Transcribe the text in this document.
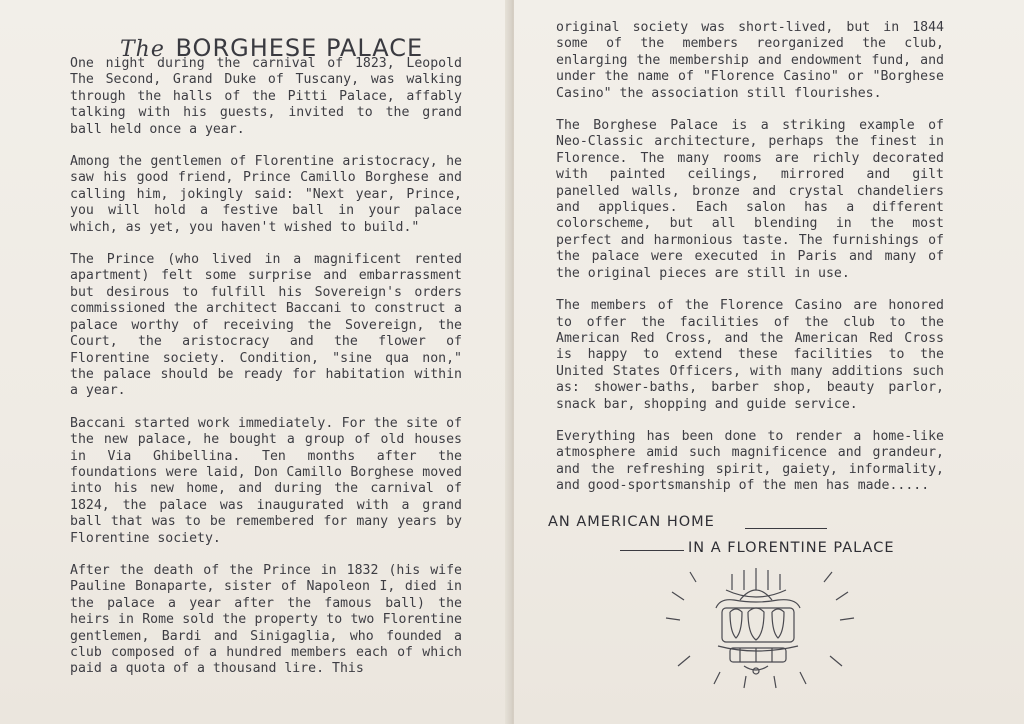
The BORGHESE PALACE

One night during the carnival of 1823, Leopold The Second, Grand Duke of Tuscany, was walking through the halls of the Pitti Palace, affably talking with his guests, invited to the grand ball held once a year.

Among the gentlemen of Florentine aristocracy, he saw his good friend, Prince Camillo Borghese and calling him, jokingly said: "Next year, Prince, you will hold a festive ball in your palace which, as yet, you haven't wished to build."

The Prince (who lived in a magnificent rented apartment) felt some surprise and embarrassment but desirous to fulfill his Sovereign's orders commissioned the architect Baccani to construct a palace worthy of receiving the Sovereign, the Court, the aristocracy and the flower of Florentine society. Condition, "sine qua non," the palace should be ready for habitation within a year.

Baccani started work immediately. For the site of the new palace, he bought a group of old houses in Via Ghibellina. Ten months after the foundations were laid, Don Camillo Borghese moved into his new home, and during the carnival of 1824, the palace was inaugurated with a grand ball that was to be remembered for many years by Florentine society.

After the death of the Prince in 1832 (his wife Pauline Bonaparte, sister of Napoleon I, died in the palace a year after the famous ball) the heirs in Rome sold the property to two Florentine gentlemen, Bardi and Sinigaglia, who founded a club composed of a hundred members each of which paid a quota of a thousand lire. This

original society was short-lived, but in 1844 some of the members reorganized the club, enlarging the membership and endowment fund, and under the name of "Florence Casino" or "Borghese Casino" the association still flourishes.

The Borghese Palace is a striking example of Neo-Classic architecture, perhaps the finest in Florence. The many rooms are richly decorated with painted ceilings, mirrored and gilt panelled walls, bronze and crystal chandeliers and appliques. Each salon has a different colorscheme, but all blending in the most perfect and harmonious taste. The furnishings of the palace were executed in Paris and many of the original pieces are still in use.

The members of the Florence Casino are honored to offer the facilities of the club to the American Red Cross, and the American Red Cross is happy to extend these facilities to the United States Officers, with many additions such as: shower-baths, barber shop, beauty parlor, snack bar, shopping and guide service.

Everything has been done to render a home-like atmosphere amid such magnificence and grandeur, and the refreshing spirit, gaiety, informality, and good-sportsmanship of the men has made.....

AN AMERICAN HOME
IN A FLORENTINE PALACE
